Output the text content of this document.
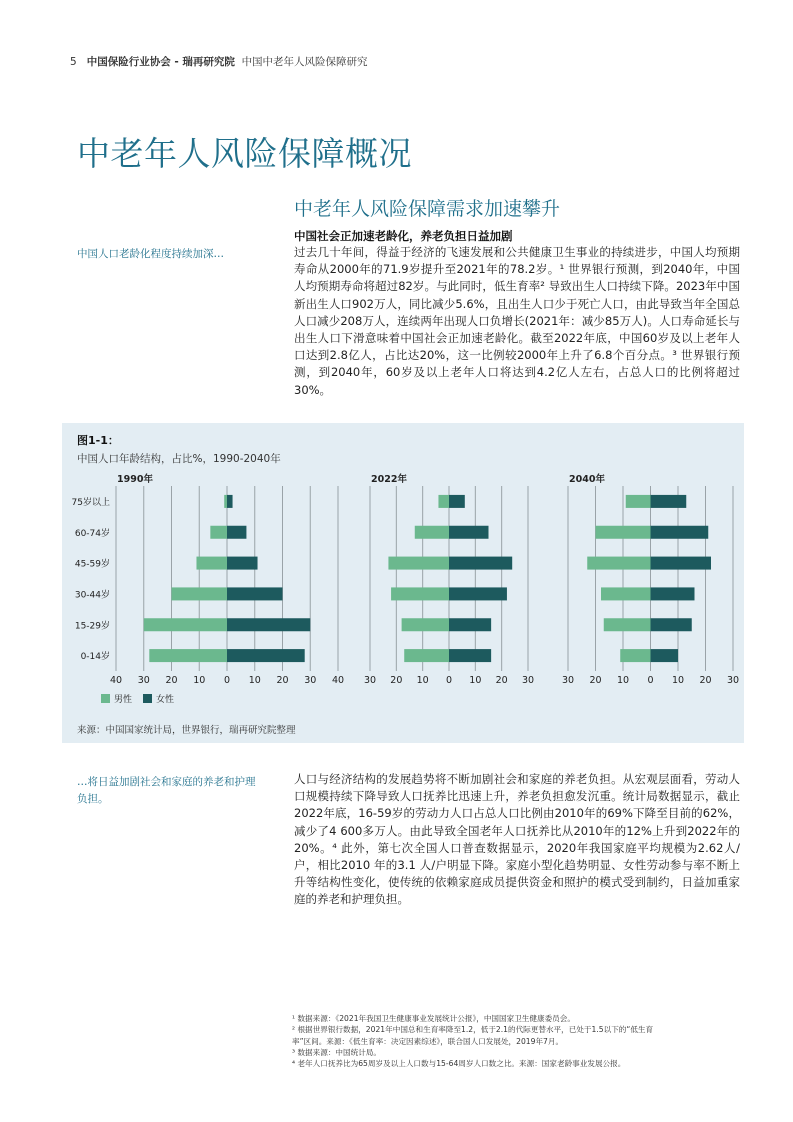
5 中国保险行业协会 - 瑞再研究院 中国中老年人风险保障研究
中老年人风险保障概况
中老年人风险保障需求加速攀升
中国人口老龄化程度持续加深…
中国社会正加速老龄化，养老负担日益加剧
过去几十年间，得益于经济的飞速发展和公共健康卫生事业的持续进步，中国人均预期寿命从2000年的71.9岁提升至2021年的78.2岁。¹ 世界银行预测，到2040年，中国人均预期寿命将超过82岁。与此同时，低生育率² 导致出生人口持续下降。2023年中国新出生人口902万人，同比减少5.6%，且出生人口少于死亡人口，由此导致当年全国总人口减少208万人，连续两年出现人口负增长(2021年：减少85万人)。人口寿命延长与出生人口下滑意味着中国社会正加速老龄化。截至2022年底，中国60岁及以上老年人口达到2.8亿人，占比达20%，这一比例较2000年上升了6.8个百分点。³ 世界银行预测，到2040年，60岁及以上老年人口将达到4.2亿人左右，占总人口的比例将超过30%。
图1-1：
中国人口年龄结构，占比%，1990-2040年
40 30 20 10 0 10 20 30 40
1990年
75岁以上
60-74岁
45-59岁
30-44岁
15-29岁
0-14岁
30 20 10 0 10 20 30
2022年
30 20 10 0 10 20 30
2040年
男性	女性
来源：中国国家统计局，世界银行，瑞再研究院整理
…将日益加剧社会和家庭的养老和护理负担。
人口与经济结构的发展趋势将不断加剧社会和家庭的养老负担。从宏观层面看，劳动人口规模持续下降导致人口抚养比迅速上升，养老负担愈发沉重。统计局数据显示，截止2022年底，16-59岁的劳动力人口占总人口比例由2010年的69%下降至目前的62%，减少了4 600多万人。由此导致全国老年人口抚养比从2010年的12%上升到2022年的20%。⁴ 此外，第七次全国人口普查数据显示，2020年我国家庭平均规模为2.62人/户，相比2010 年的3.1 人/户明显下降。家庭小型化趋势明显、女性劳动参与率不断上升等结构性变化，使传统的依赖家庭成员提供资金和照护的模式受到制约，日益加重家庭的养老和护理负担。
¹ 数据来源：《2021年我国卫生健康事业发展统计公报》，中国国家卫生健康委员会。
² 根据世界银行数据，2021年中国总和生育率降至1.2，低于2.1的代际更替水平，已处于1.5以下的“低生育
率”区间。来源：《低生育率：决定因素综述》，联合国人口发展处，2019年7月。
³ 数据来源：中国统计局。
⁴ 老年人口抚养比为65周岁及以上人口数与15-64周岁人口数之比。来源：国家老龄事业发展公报。
